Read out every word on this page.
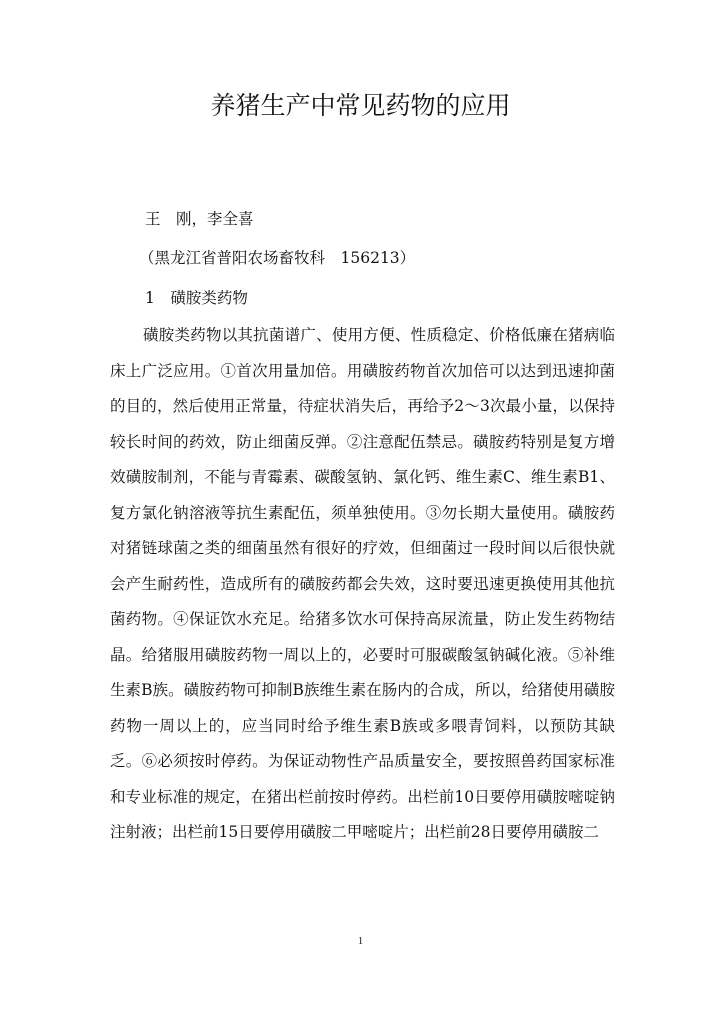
养猪生产中常见药物的应用
王　刚，李全喜
（黑龙江省普阳农场畜牧科　156213）
1　磺胺类药物

磺胺类药物以其抗菌谱广、使用方便、性质稳定、价格低廉在猪病临床上广泛应用。①首次用量加倍。用磺胺药物首次加倍可以达到迅速抑菌的目的，然后使用正常量，待症状消失后，再给予2～3次最小量，以保持较长时间的药效，防止细菌反弹。②注意配伍禁忌。磺胺药特别是复方增效磺胺制剂，不能与青霉素、碳酸氢钠、氯化钙、维生素C、维生素B1、复方氯化钠溶液等抗生素配伍，须单独使用。③勿长期大量使用。磺胺药对猪链球菌之类的细菌虽然有很好的疗效，但细菌过一段时间以后很快就会产生耐药性，造成所有的磺胺药都会失效，这时要迅速更换使用其他抗菌药物。④保证饮水充足。给猪多饮水可保持高尿流量，防止发生药物结晶。给猪服用磺胺药物一周以上的，必要时可服碳酸氢钠碱化液。⑤补维生素B族。磺胺药物可抑制B族维生素在肠内的合成，所以，给猪使用磺胺药物一周以上的，应当同时给予维生素B族或多喂青饲料，以预防其缺乏。⑥必须按时停药。为保证动物性产品质量安全，要按照兽药国家标准和专业标准的规定，在猪出栏前按时停药。出栏前10日要停用磺胺嘧啶钠注射液；出栏前15日要停用磺胺二甲嘧啶片；出栏前28日要停用磺胺二

1
